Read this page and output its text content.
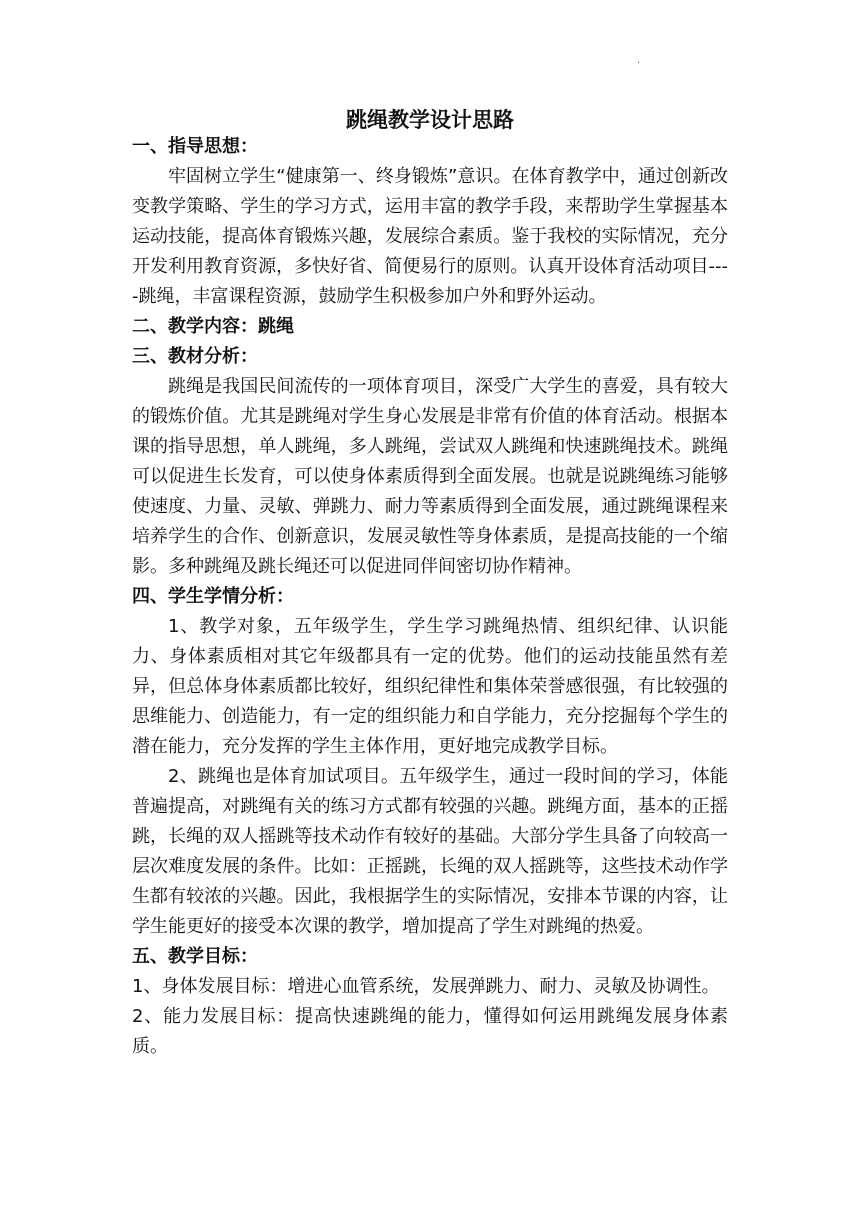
.
跳绳教学设计思路
一、指导思想：

牢固树立学生“健康第一、终身锻炼”意识。在体育教学中，通过创新改变教学策略、学生的学习方式，运用丰富的教学手段，来帮助学生掌握基本运动技能，提高体育锻炼兴趣，发展综合素质。鉴于我校的实际情况，充分开发利用教育资源，多快好省、简便易行的原则。认真开设体育活动项目----跳绳，丰富课程资源，鼓励学生积极参加户外和野外运动。

二、教学内容：跳绳
三、教材分析：

跳绳是我国民间流传的一项体育项目，深受广大学生的喜爱，具有较大的锻炼价值。尤其是跳绳对学生身心发展是非常有价值的体育活动。根据本课的指导思想，单人跳绳，多人跳绳，尝试双人跳绳和快速跳绳技术。跳绳可以促进生长发育，可以使身体素质得到全面发展。也就是说跳绳练习能够使速度、力量、灵敏、弹跳力、耐力等素质得到全面发展，通过跳绳课程来培养学生的合作、创新意识，发展灵敏性等身体素质，是提高技能的一个缩影。多种跳绳及跳长绳还可以促进同伴间密切协作精神。

四、学生学情分析：

1、教学对象，五年级学生，学生学习跳绳热情、组织纪律、认识能力、身体素质相对其它年级都具有一定的优势。他们的运动技能虽然有差异，但总体身体素质都比较好，组织纪律性和集体荣誉感很强，有比较强的思维能力、创造能力，有一定的组织能力和自学能力，充分挖掘每个学生的潜在能力，充分发挥的学生主体作用，更好地完成教学目标。

2、跳绳也是体育加试项目。五年级学生，通过一段时间的学习，体能普遍提高，对跳绳有关的练习方式都有较强的兴趣。跳绳方面，基本的正摇跳，长绳的双人摇跳等技术动作有较好的基础。大部分学生具备了向较高一层次难度发展的条件。比如：正摇跳，长绳的双人摇跳等，这些技术动作学生都有较浓的兴趣。因此，我根据学生的实际情况，安排本节课的内容，让学生能更好的接受本次课的教学，增加提高了学生对跳绳的热爱。

五、教学目标：

1、身体发展目标：增进心血管系统，发展弹跳力、耐力、灵敏及协调性。

2、能力发展目标：提高快速跳绳的能力，懂得如何运用跳绳发展身体素质。
